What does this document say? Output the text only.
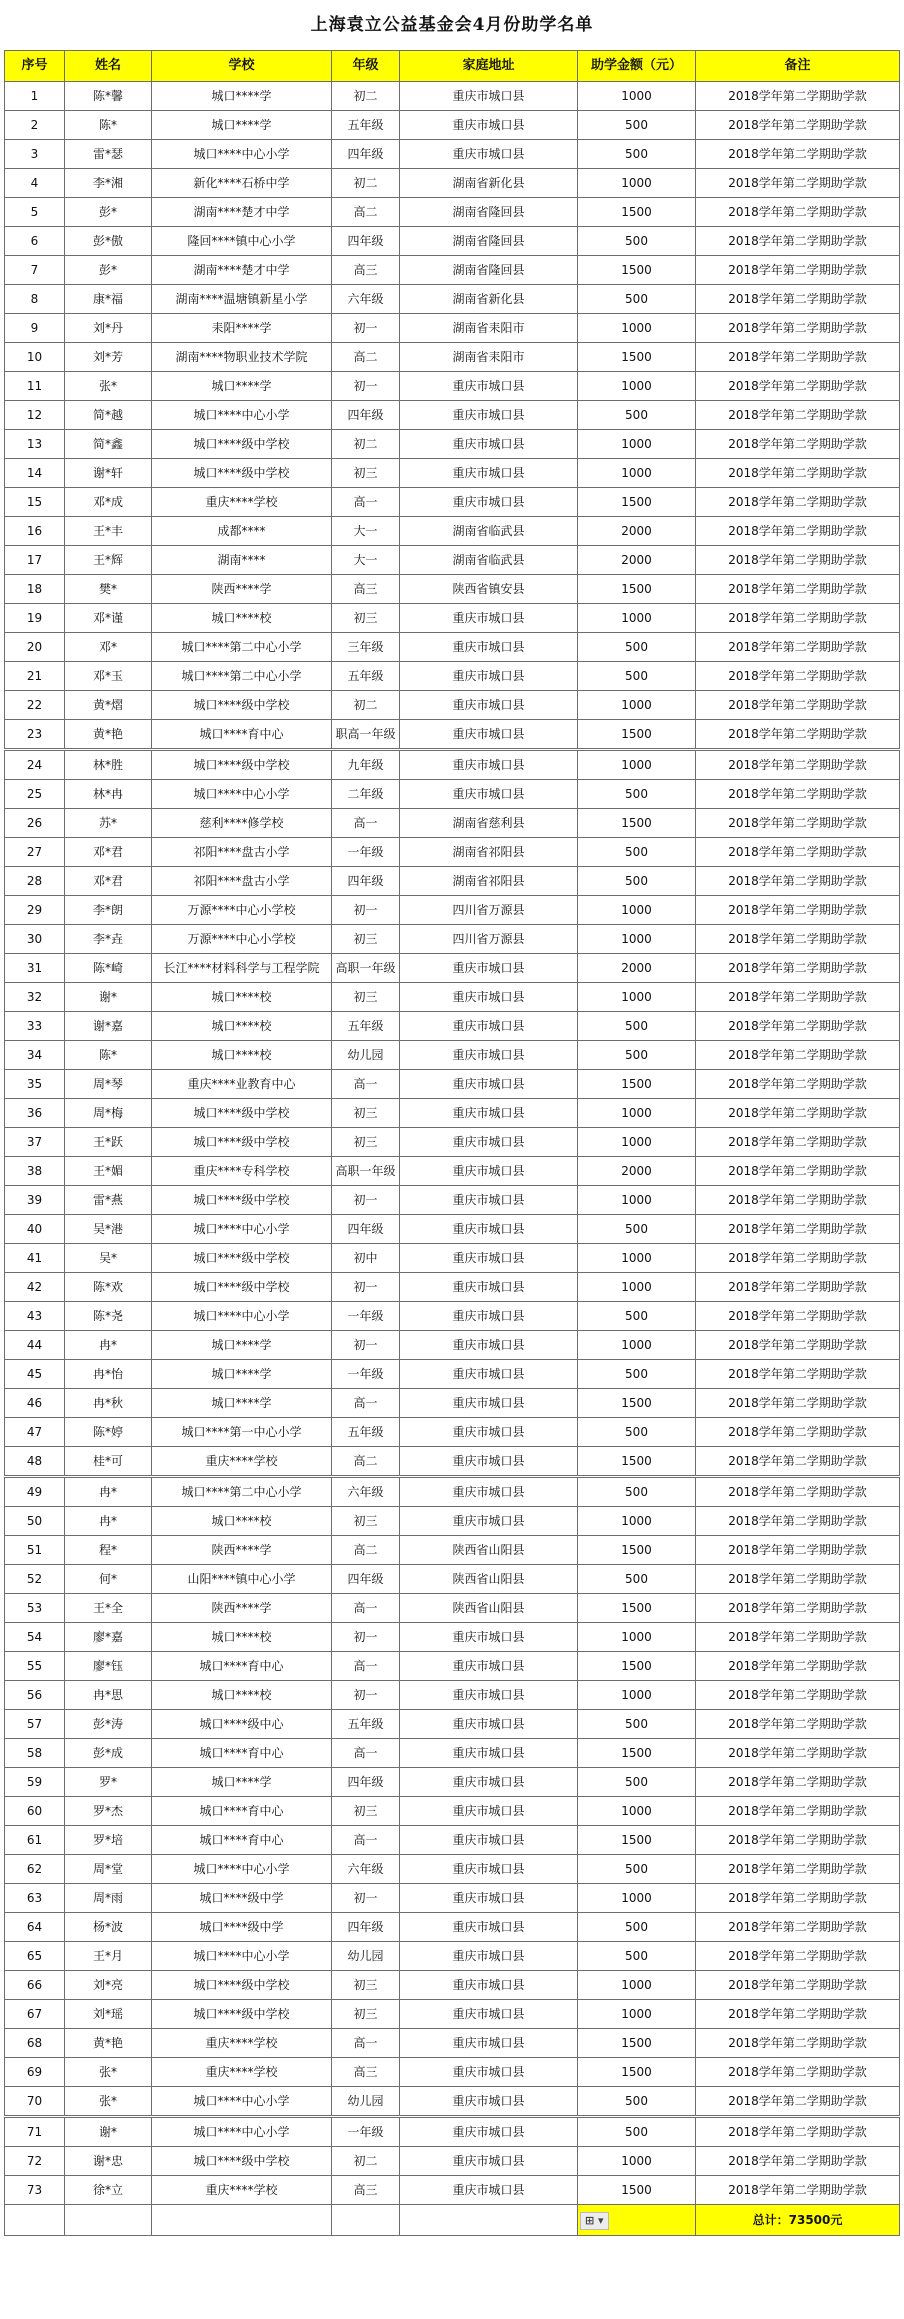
上海袁立公益基金会4月份助学名单
序号	姓名	学校	年级	家庭地址	助学金额（元）	备注
1	陈*馨	城口****学	初二	重庆市城口县	1000	2018学年第二学期助学款
2	陈*	城口****学	五年级	重庆市城口县	500	2018学年第二学期助学款
3	雷*瑟	城口****中心小学	四年级	重庆市城口县	500	2018学年第二学期助学款
4	李*湘	新化****石桥中学	初二	湖南省新化县	1000	2018学年第二学期助学款
5	彭*	湖南****楚才中学	高二	湖南省隆回县	1500	2018学年第二学期助学款
6	彭*傲	隆回****镇中心小学	四年级	湖南省隆回县	500	2018学年第二学期助学款
7	彭*	湖南****楚才中学	高三	湖南省隆回县	1500	2018学年第二学期助学款
8	康*福	湖南****温塘镇新星小学	六年级	湖南省新化县	500	2018学年第二学期助学款
9	刘*丹	耒阳****学	初一	湖南省耒阳市	1000	2018学年第二学期助学款
10	刘*芳	湖南****物职业技术学院	高二	湖南省耒阳市	1500	2018学年第二学期助学款
11	张*	城口****学	初一	重庆市城口县	1000	2018学年第二学期助学款
12	简*越	城口****中心小学	四年级	重庆市城口县	500	2018学年第二学期助学款
13	简*鑫	城口****级中学校	初二	重庆市城口县	1000	2018学年第二学期助学款
14	谢*轩	城口****级中学校	初三	重庆市城口县	1000	2018学年第二学期助学款
15	邓*成	重庆****学校	高一	重庆市城口县	1500	2018学年第二学期助学款
16	王*丰	成都****	大一	湖南省临武县	2000	2018学年第二学期助学款
17	王*辉	湖南****	大一	湖南省临武县	2000	2018学年第二学期助学款
18	樊*	陕西****学	高三	陕西省镇安县	1500	2018学年第二学期助学款
19	邓*谨	城口****校	初三	重庆市城口县	1000	2018学年第二学期助学款
20	邓*	城口****第二中心小学	三年级	重庆市城口县	500	2018学年第二学期助学款
21	邓*玉	城口****第二中心小学	五年级	重庆市城口县	500	2018学年第二学期助学款
22	黄*熠	城口****级中学校	初二	重庆市城口县	1000	2018学年第二学期助学款
23	黄*艳	城口****育中心	职高一年级	重庆市城口县	1500	2018学年第二学期助学款
24	林*胜	城口****级中学校	九年级	重庆市城口县	1000	2018学年第二学期助学款
25	林*冉	城口****中心小学	二年级	重庆市城口县	500	2018学年第二学期助学款
26	苏*	慈利****修学校	高一	湖南省慈利县	1500	2018学年第二学期助学款
27	邓*君	祁阳****盘古小学	一年级	湖南省祁阳县	500	2018学年第二学期助学款
28	邓*君	祁阳****盘古小学	四年级	湖南省祁阳县	500	2018学年第二学期助学款
29	李*朗	万源****中心小学校	初一	四川省万源县	1000	2018学年第二学期助学款
30	李*垚	万源****中心小学校	初三	四川省万源县	1000	2018学年第二学期助学款
31	陈*崎	长江****材料科学与工程学院	高职一年级	重庆市城口县	2000	2018学年第二学期助学款
32	谢*	城口****校	初三	重庆市城口县	1000	2018学年第二学期助学款
33	谢*嘉	城口****校	五年级	重庆市城口县	500	2018学年第二学期助学款
34	陈*	城口****校	幼儿园	重庆市城口县	500	2018学年第二学期助学款
35	周*琴	重庆****业教育中心	高一	重庆市城口县	1500	2018学年第二学期助学款
36	周*梅	城口****级中学校	初三	重庆市城口县	1000	2018学年第二学期助学款
37	王*跃	城口****级中学校	初三	重庆市城口县	1000	2018学年第二学期助学款
38	王*媚	重庆****专科学校	高职一年级	重庆市城口县	2000	2018学年第二学期助学款
39	雷*燕	城口****级中学校	初一	重庆市城口县	1000	2018学年第二学期助学款
40	吴*港	城口****中心小学	四年级	重庆市城口县	500	2018学年第二学期助学款
41	吴*	城口****级中学校	初中	重庆市城口县	1000	2018学年第二学期助学款
42	陈*欢	城口****级中学校	初一	重庆市城口县	1000	2018学年第二学期助学款
43	陈*尧	城口****中心小学	一年级	重庆市城口县	500	2018学年第二学期助学款
44	冉*	城口****学	初一	重庆市城口县	1000	2018学年第二学期助学款
45	冉*怡	城口****学	一年级	重庆市城口县	500	2018学年第二学期助学款
46	冉*秋	城口****学	高一	重庆市城口县	1500	2018学年第二学期助学款
47	陈*婷	城口****第一中心小学	五年级	重庆市城口县	500	2018学年第二学期助学款
48	桂*可	重庆****学校	高二	重庆市城口县	1500	2018学年第二学期助学款
49	冉*	城口****第二中心小学	六年级	重庆市城口县	500	2018学年第二学期助学款
50	冉*	城口****校	初三	重庆市城口县	1000	2018学年第二学期助学款
51	程*	陕西****学	高二	陕西省山阳县	1500	2018学年第二学期助学款
52	何*	山阳****镇中心小学	四年级	陕西省山阳县	500	2018学年第二学期助学款
53	王*全	陕西****学	高一	陕西省山阳县	1500	2018学年第二学期助学款
54	廖*嘉	城口****校	初一	重庆市城口县	1000	2018学年第二学期助学款
55	廖*钰	城口****育中心	高一	重庆市城口县	1500	2018学年第二学期助学款
56	冉*思	城口****校	初一	重庆市城口县	1000	2018学年第二学期助学款
57	彭*涛	城口****级中心	五年级	重庆市城口县	500	2018学年第二学期助学款
58	彭*成	城口****育中心	高一	重庆市城口县	1500	2018学年第二学期助学款
59	罗*	城口****学	四年级	重庆市城口县	500	2018学年第二学期助学款
60	罗*杰	城口****育中心	初三	重庆市城口县	1000	2018学年第二学期助学款
61	罗*培	城口****育中心	高一	重庆市城口县	1500	2018学年第二学期助学款
62	周*堂	城口****中心小学	六年级	重庆市城口县	500	2018学年第二学期助学款
63	周*雨	城口****级中学	初一	重庆市城口县	1000	2018学年第二学期助学款
64	杨*波	城口****级中学	四年级	重庆市城口县	500	2018学年第二学期助学款
65	王*月	城口****中心小学	幼儿园	重庆市城口县	500	2018学年第二学期助学款
66	刘*亮	城口****级中学校	初三	重庆市城口县	1000	2018学年第二学期助学款
67	刘*瑶	城口****级中学校	初三	重庆市城口县	1000	2018学年第二学期助学款
68	黄*艳	重庆****学校	高一	重庆市城口县	1500	2018学年第二学期助学款
69	张*	重庆****学校	高三	重庆市城口县	1500	2018学年第二学期助学款
70	张*	城口****中心小学	幼儿园	重庆市城口县	500	2018学年第二学期助学款
71	谢*	城口****中心小学	一年级	重庆市城口县	500	2018学年第二学期助学款
72	谢*忠	城口****级中学校	初二	重庆市城口县	1000	2018学年第二学期助学款
73	徐*立	重庆****学校	高三	重庆市城口县	1500	2018学年第二学期助学款
					⊞ ▾	总计：73500元
